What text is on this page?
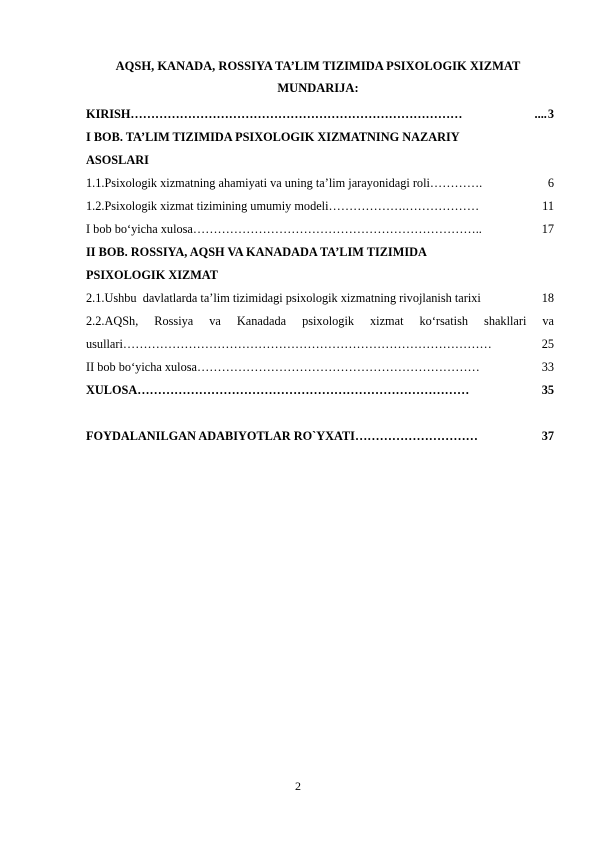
AQSH, KANADA, ROSSIYA TA’LIM TIZIMIDA PSIXOLOGIK XIZMAT
MUNDARIJA:
KIRISH ………………………………………………………………………	.... 3
I BOB. TA’LIM TIZIMIDA PSIXOLOGIK XIZMATNING NAZARIY
ASOSLARI
1.1.Psixologik xizmatning ahamiyati va uning ta’lim jarayonidagi roli ………….	6
1.2.Psixologik xizmat tizimining umumiy modeli ……………….………………	11
I bob bo‘yicha xulosa ……………………………………………………………..	17
II BOB. ROSSIYA, AQSH VA KANADADA TA’LIM TIZIMIDA
PSIXOLOGIK XIZMAT
2.1.Ushbu  davlatlarda ta’lim tizimidagi psixologik xizmatning rivojlanish tarixi	18
2.2.AQSh, Rossiya va Kanadada psixologik xizmat ko‘rsatish shakllari va
usullari ………………………………………………………………………………	25
II bob bo‘yicha xulosa ……………………………………………………………	33
XULOSA ………………………………………………………………………	35
FOYDALANILGAN ADABIYOTLAR RO`YXATI …………………………	37
2
